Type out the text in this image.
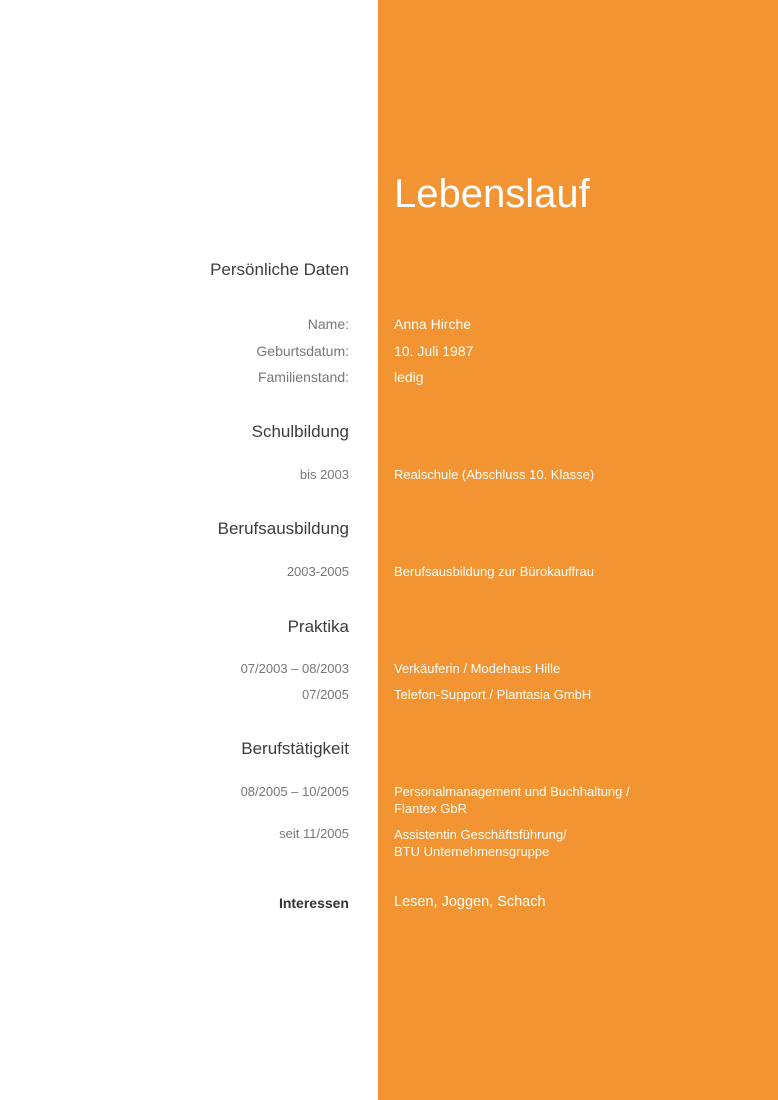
Lebenslauf
Persönliche Daten
Name:	Anna Hirche
Geburtsdatum:	10. Juli 1987
Familienstand:	ledig
Schulbildung
bis 2003	Realschule (Abschluss 10. Klasse)
Berufsausbildung
2003-2005	Berufsausbildung zur Bürokauffrau
Praktika
07/2003 – 08/2003	Verkäuferin / Modehaus Hille
07/2005	Telefon-Support / Plantasia GmbH
Berufstätigkeit
08/2005 – 10/2005	Personalmanagement und Buchhaltung /
Flantex GbR
seit 11/2005	Assistentin Geschäftsführung/
BTU Unternehmensgruppe
Interessen	Lesen, Joggen, Schach
